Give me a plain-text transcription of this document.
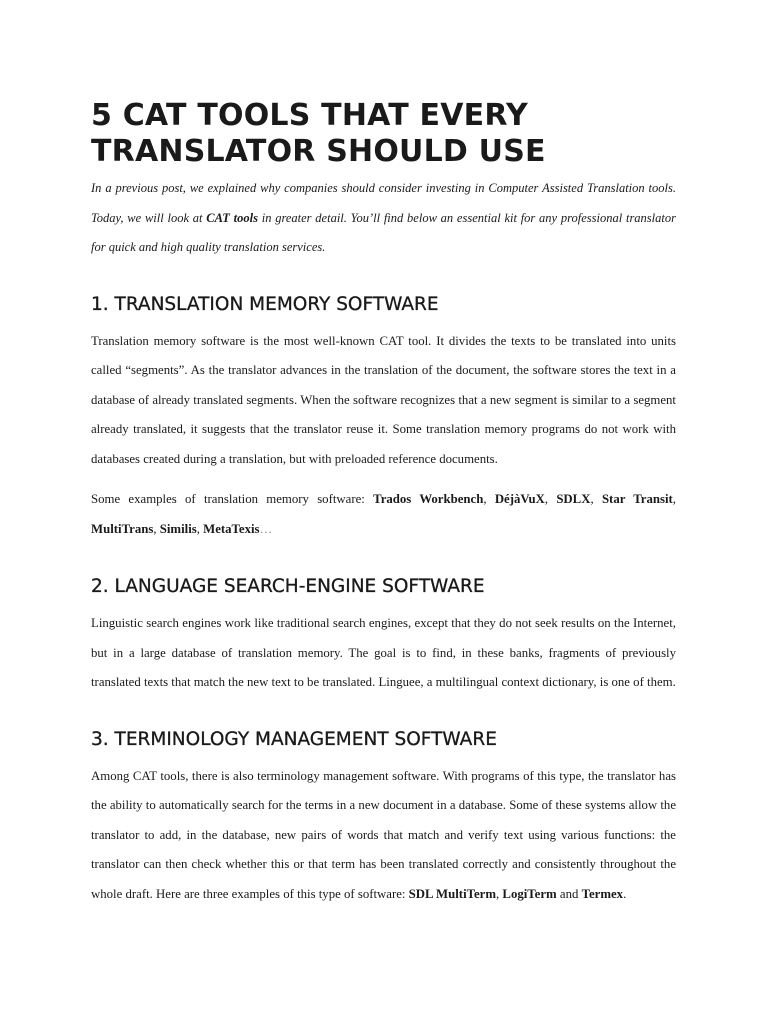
5 CAT TOOLS THAT EVERY TRANSLATOR SHOULD USE

In a previous post, we explained why companies should consider investing in Computer Assisted Translation tools. Today, we will look at CAT tools in greater detail. You’ll find below an essential kit for any professional translator for quick and high quality translation services.

1. TRANSLATION MEMORY SOFTWARE

Translation memory software is the most well-known CAT tool. It divides the texts to be translated into units called “segments”. As the translator advances in the translation of the document, the software stores the text in a database of already translated segments. When the software recognizes that a new segment is similar to a segment already translated, it suggests that the translator reuse it. Some translation memory programs do not work with databases created during a translation, but with preloaded reference documents.

Some examples of translation memory software: Trados Workbench, DéjàVuX, SDLX, Star Transit, MultiTrans, Similis, MetaTexis…

2. LANGUAGE SEARCH-ENGINE SOFTWARE

Linguistic search engines work like traditional search engines, except that they do not seek results on the Internet, but in a large database of translation memory. The goal is to find, in these banks, fragments of previously translated texts that match the new text to be translated. Linguee, a multilingual context dictionary, is one of them.

3. TERMINOLOGY MANAGEMENT SOFTWARE

Among CAT tools, there is also terminology management software. With programs of this type, the translator has the ability to automatically search for the terms in a new document in a database. Some of these systems allow the translator to add, in the database, new pairs of words that match and verify text using various functions: the translator can then check whether this or that term has been translated correctly and consistently throughout the whole draft. Here are three examples of this type of software: SDL MultiTerm, LogiTerm and Termex.
